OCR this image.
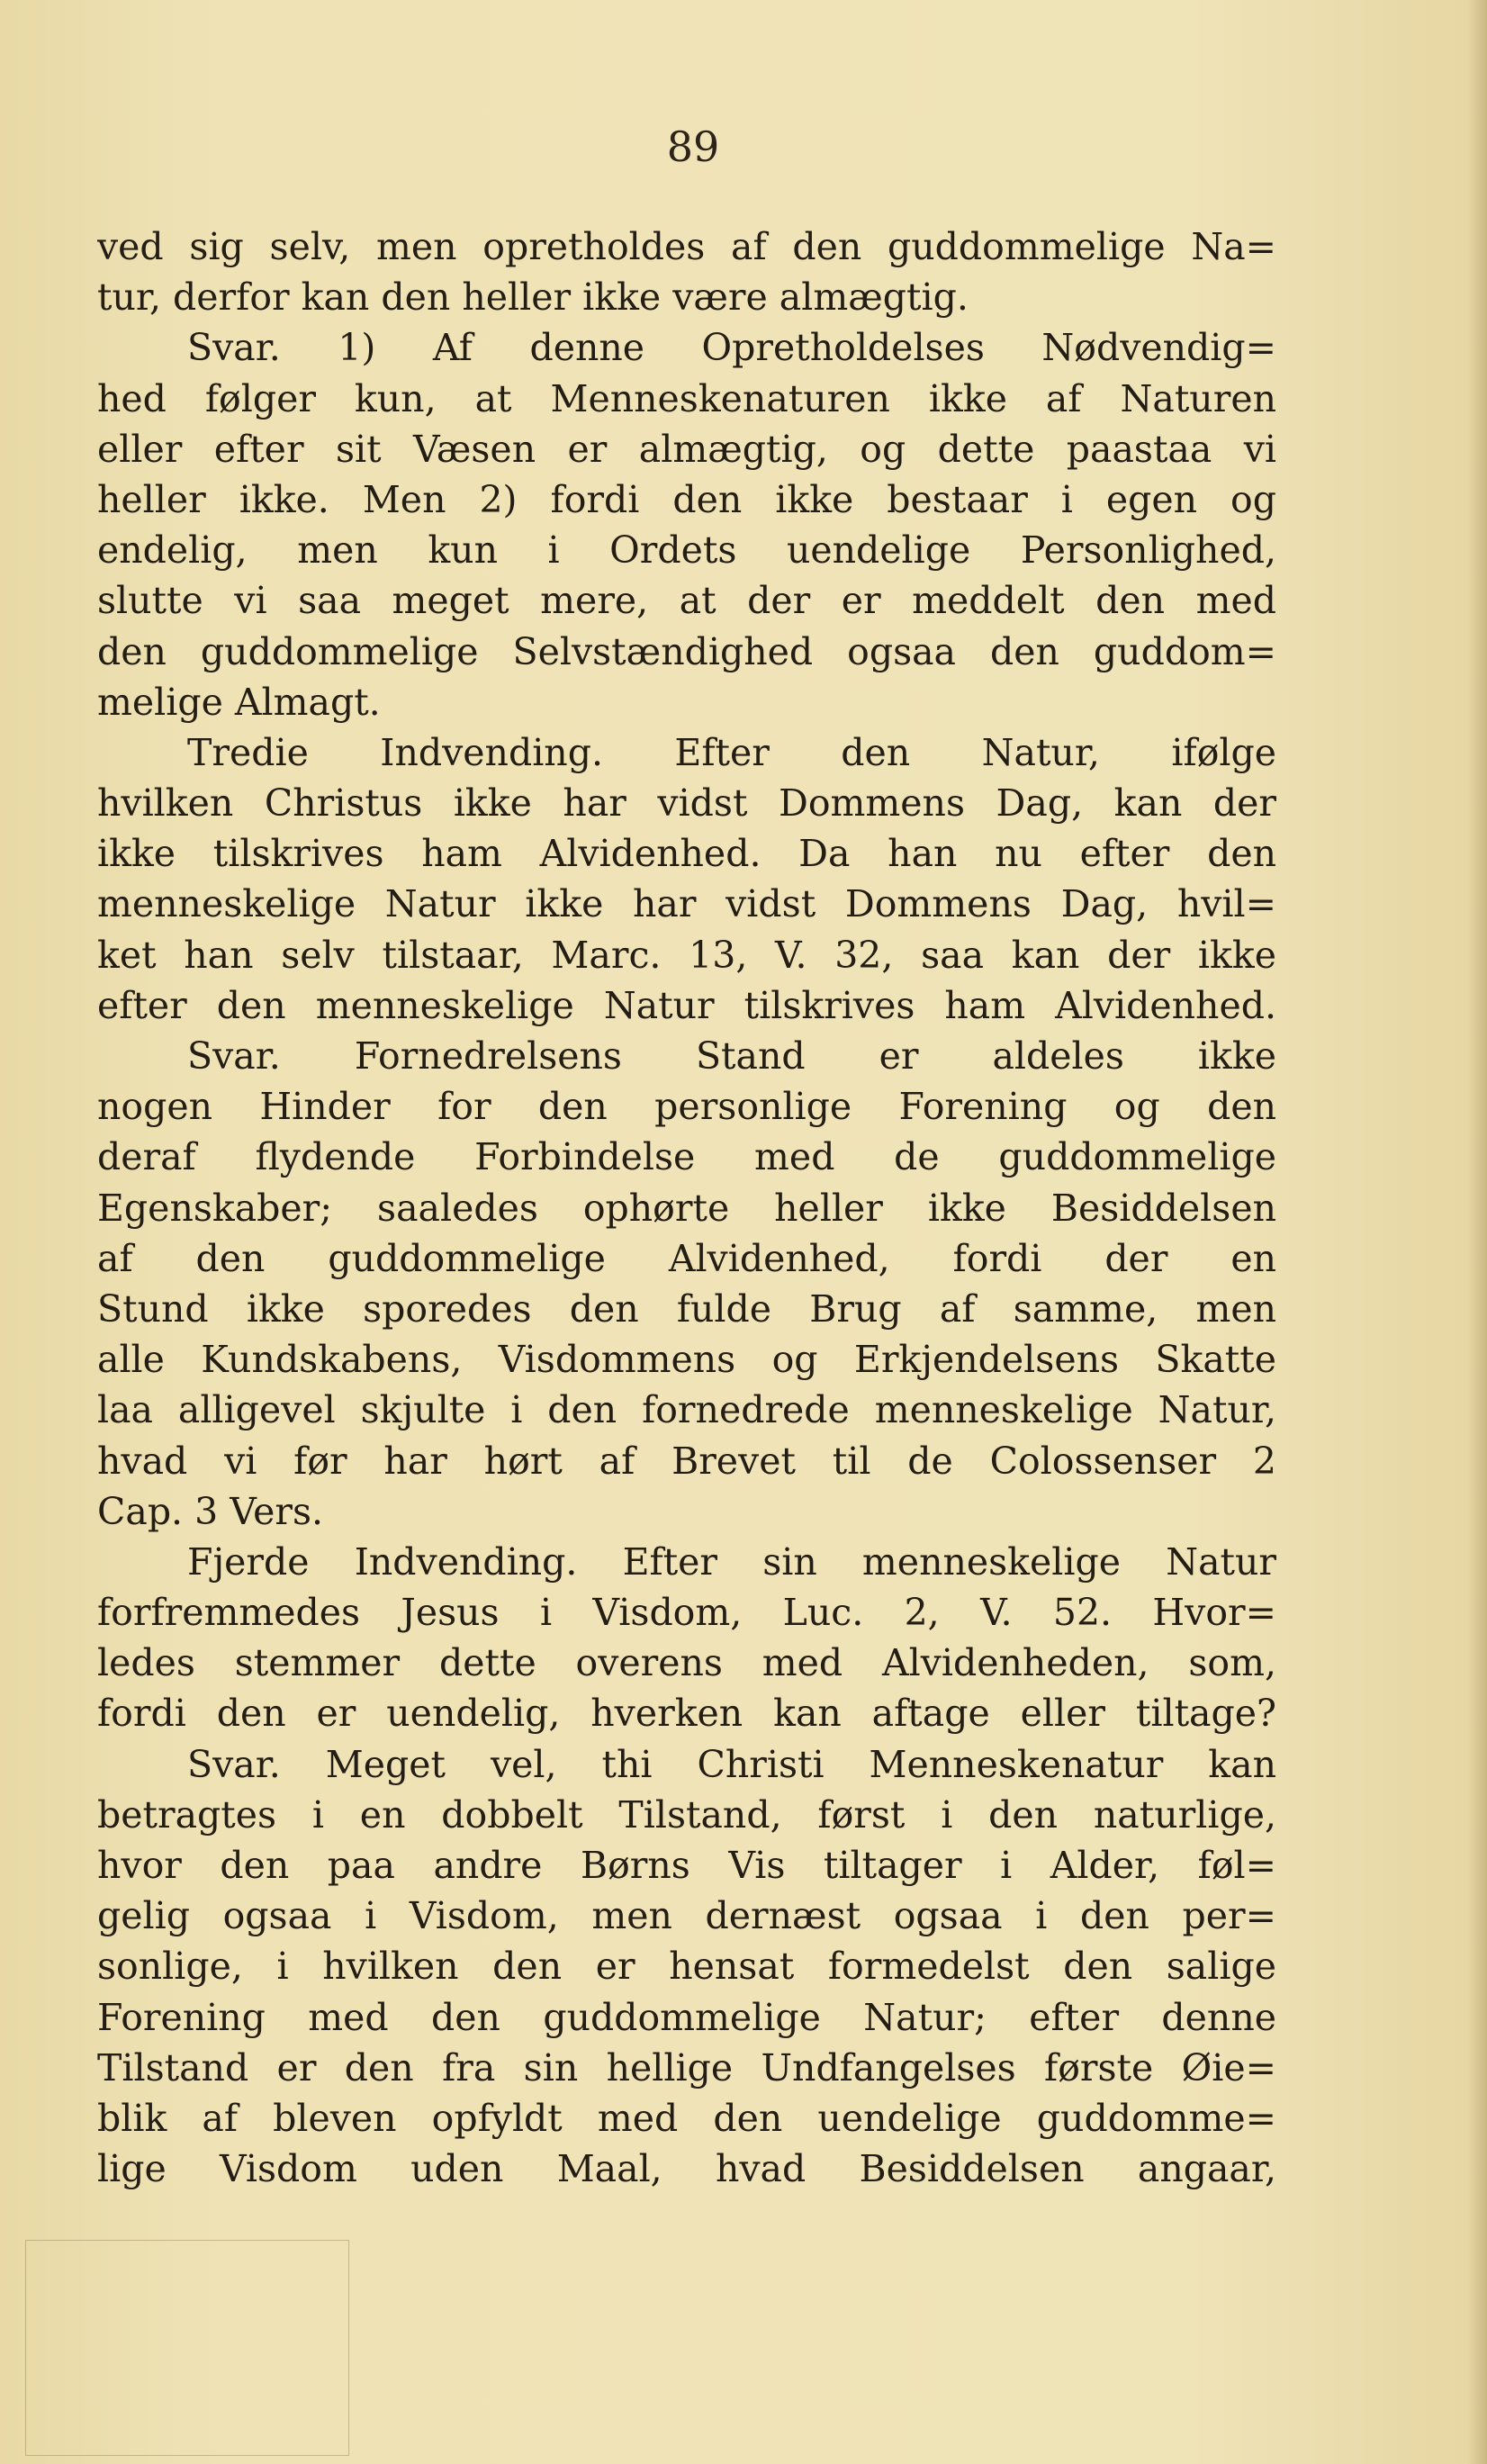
89
ved sig selv, men opretholdes af den guddommelige Na=
tur, derfor kan den heller ikke være almægtig.
Svar. 1) Af denne Opretholdelses Nødvendig=
hed følger kun, at Menneskenaturen ikke af Naturen
eller efter sit Væsen er almægtig, og dette paastaa vi
heller ikke. Men 2) fordi den ikke bestaar i egen og
endelig, men kun i Ordets uendelige Personlighed,
slutte vi saa meget mere, at der er meddelt den med
den guddommelige Selvstændighed ogsaa den guddom=
melige Almagt.
Tredie Indvending. Efter den Natur, ifølge
hvilken Christus ikke har vidst Dommens Dag, kan der
ikke tilskrives ham Alvidenhed. Da han nu efter den
menneskelige Natur ikke har vidst Dommens Dag, hvil=
ket han selv tilstaar, Marc. 13, V. 32, saa kan der ikke
efter den menneskelige Natur tilskrives ham Alvidenhed.
Svar. Fornedrelsens Stand er aldeles ikke
nogen Hinder for den personlige Forening og den
deraf flydende Forbindelse med de guddommelige
Egenskaber; saaledes ophørte heller ikke Besiddelsen
af den guddommelige Alvidenhed, fordi der en
Stund ikke sporedes den fulde Brug af samme, men
alle Kundskabens, Visdommens og Erkjendelsens Skatte
laa alligevel skjulte i den fornedrede menneskelige Natur,
hvad vi før har hørt af Brevet til de Colossenser 2
Cap. 3 Vers.
Fjerde Indvending. Efter sin menneskelige Natur
forfremmedes Jesus i Visdom, Luc. 2, V. 52. Hvor=
ledes stemmer dette overens med Alvidenheden, som,
fordi den er uendelig, hverken kan aftage eller tiltage?
Svar. Meget vel, thi Christi Menneskenatur kan
betragtes i en dobbelt Tilstand, først i den naturlige,
hvor den paa andre Børns Vis tiltager i Alder, føl=
gelig ogsaa i Visdom, men dernæst ogsaa i den per=
sonlige, i hvilken den er hensat formedelst den salige
Forening med den guddommelige Natur; efter denne
Tilstand er den fra sin hellige Undfangelses første Øie=
blik af bleven opfyldt med den uendelige guddomme=
lige Visdom uden Maal, hvad Besiddelsen angaar,
